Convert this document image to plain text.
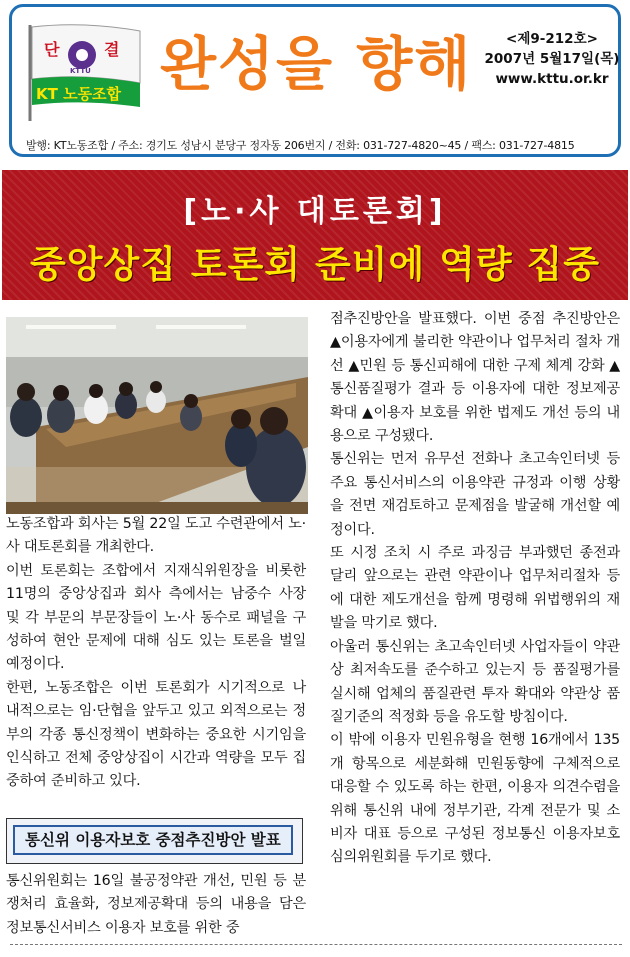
단	결
KTTU
KT 노동조합 완성을 향해	<제9-212호>
2007년 5월17일(목)
www.kttu.or.kr
발행: KT노동조합 / 주소: 경기도 성남시 분당구 정자동 206번지 / 전화: 031-727-4820~45 / 팩스: 031-727-4815
[노·사 대토론회]
중앙상집 토론회 준비에 역량 집중

노동조합과 회사는 5월 22일 도고 수련관에서 노·사 대토론회를 개최한다.

이번 토론회는 조합에서 지재식위원장을 비롯한 11명의 중앙상집과 회사 측에서는 남중수 사장 및 각 부문의 부문장들이 노·사 동수로 패널을 구성하여 현안 문제에 대해 심도 있는 토론을 벌일 예정이다.

한편, 노동조합은 이번 토론회가 시기적으로 나 내적으로는 임·단협을 앞두고 있고 외적으로는 정부의 각종 통신정책이 변화하는 중요한 시기임을 인식하고 전체 중앙상집이 시간과 역량을 모두 집중하여 준비하고 있다.

통신위 이용자보호 중점추진방안 발표

통신위원회는 16일 불공정약관 개선, 민원 등 분쟁처리 효율화, 정보제공확대 등의 내용을 담은 정보통신서비스 이용자 보호를 위한 중

점추진방안을 발표했다. 이번 중점 추진방안은 ▲이용자에게 불리한 약관이나 업무처리 절차 개선 ▲민원 등 통신피해에 대한 구제 체계 강화 ▲통신품질평가 결과 등 이용자에 대한 정보제공 확대 ▲이용자 보호를 위한 법제도 개선 등의 내용으로 구성됐다.

통신위는 먼저 유무선 전화나 초고속인터넷 등 주요 통신서비스의 이용약관 규정과 이행 상황을 전면 재검토하고 문제점을 발굴해 개선할 예정이다.

또 시정 조치 시 주로 과징금 부과했던 종전과 달리 앞으로는 관련 약관이나 업무처리절차 등에 대한 제도개선을 함께 명령해 위법행위의 재발을 막기로 했다.

아울러 통신위는 초고속인터넷 사업자들이 약관상 최저속도를 준수하고 있는지 등 품질평가를 실시해 업체의 품질관련 투자 확대와 약관상 품질기준의 적정화 등을 유도할 방침이다.

이 밖에 이용자 민원유형을 현행 16개에서 135개 항목으로 세분화해 민원동향에 구체적으로 대응할 수 있도록 하는 한편, 이용자 의견수렴을 위해 통신위 내에 정부기관, 각계 전문가 및 소비자 대표 등으로 구성된 정보통신 이용자보호 심의위원회를 두기로 했다.
